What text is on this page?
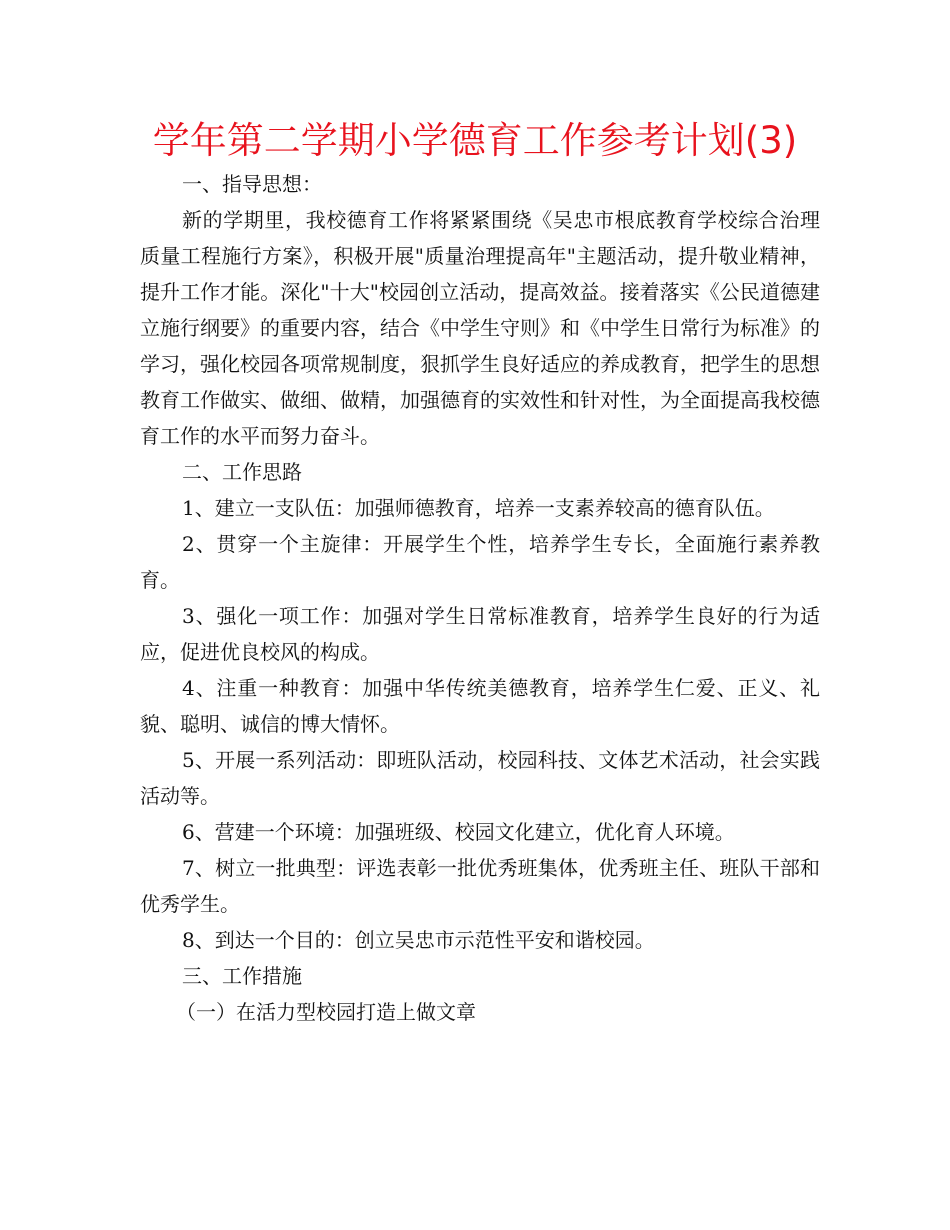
学年第二学期小学德育工作参考计划(3)

一、指导思想：

新的学期里，我校德育工作将紧紧围绕《吴忠市根底教育学校综合治理质量工程施行方案》，积极开展"质量治理提高年"主题活动，提升敬业精神，提升工作才能。深化"十大"校园创立活动，提高效益。接着落实《公民道德建立施行纲要》的重要内容，结合《中学生守则》和《中学生日常行为标准》的学习，强化校园各项常规制度，狠抓学生良好适应的养成教育，把学生的思想教育工作做实、做细、做精，加强德育的实效性和针对性，为全面提高我校德育工作的水平而努力奋斗。

二、工作思路

1、建立一支队伍：加强师德教育，培养一支素养较高的德育队伍。

2、贯穿一个主旋律：开展学生个性，培养学生专长，全面施行素养教育。

3、强化一项工作：加强对学生日常标准教育，培养学生良好的行为适应，促进优良校风的构成。

4、注重一种教育：加强中华传统美德教育，培养学生仁爱、正义、礼貌、聪明、诚信的博大情怀。

5、开展一系列活动：即班队活动，校园科技、文体艺术活动，社会实践活动等。

6、营建一个环境：加强班级、校园文化建立，优化育人环境。

7、树立一批典型：评选表彰一批优秀班集体，优秀班主任、班队干部和优秀学生。

8、到达一个目的：创立吴忠市示范性平安和谐校园。

三、工作措施

（一）在活力型校园打造上做文章
